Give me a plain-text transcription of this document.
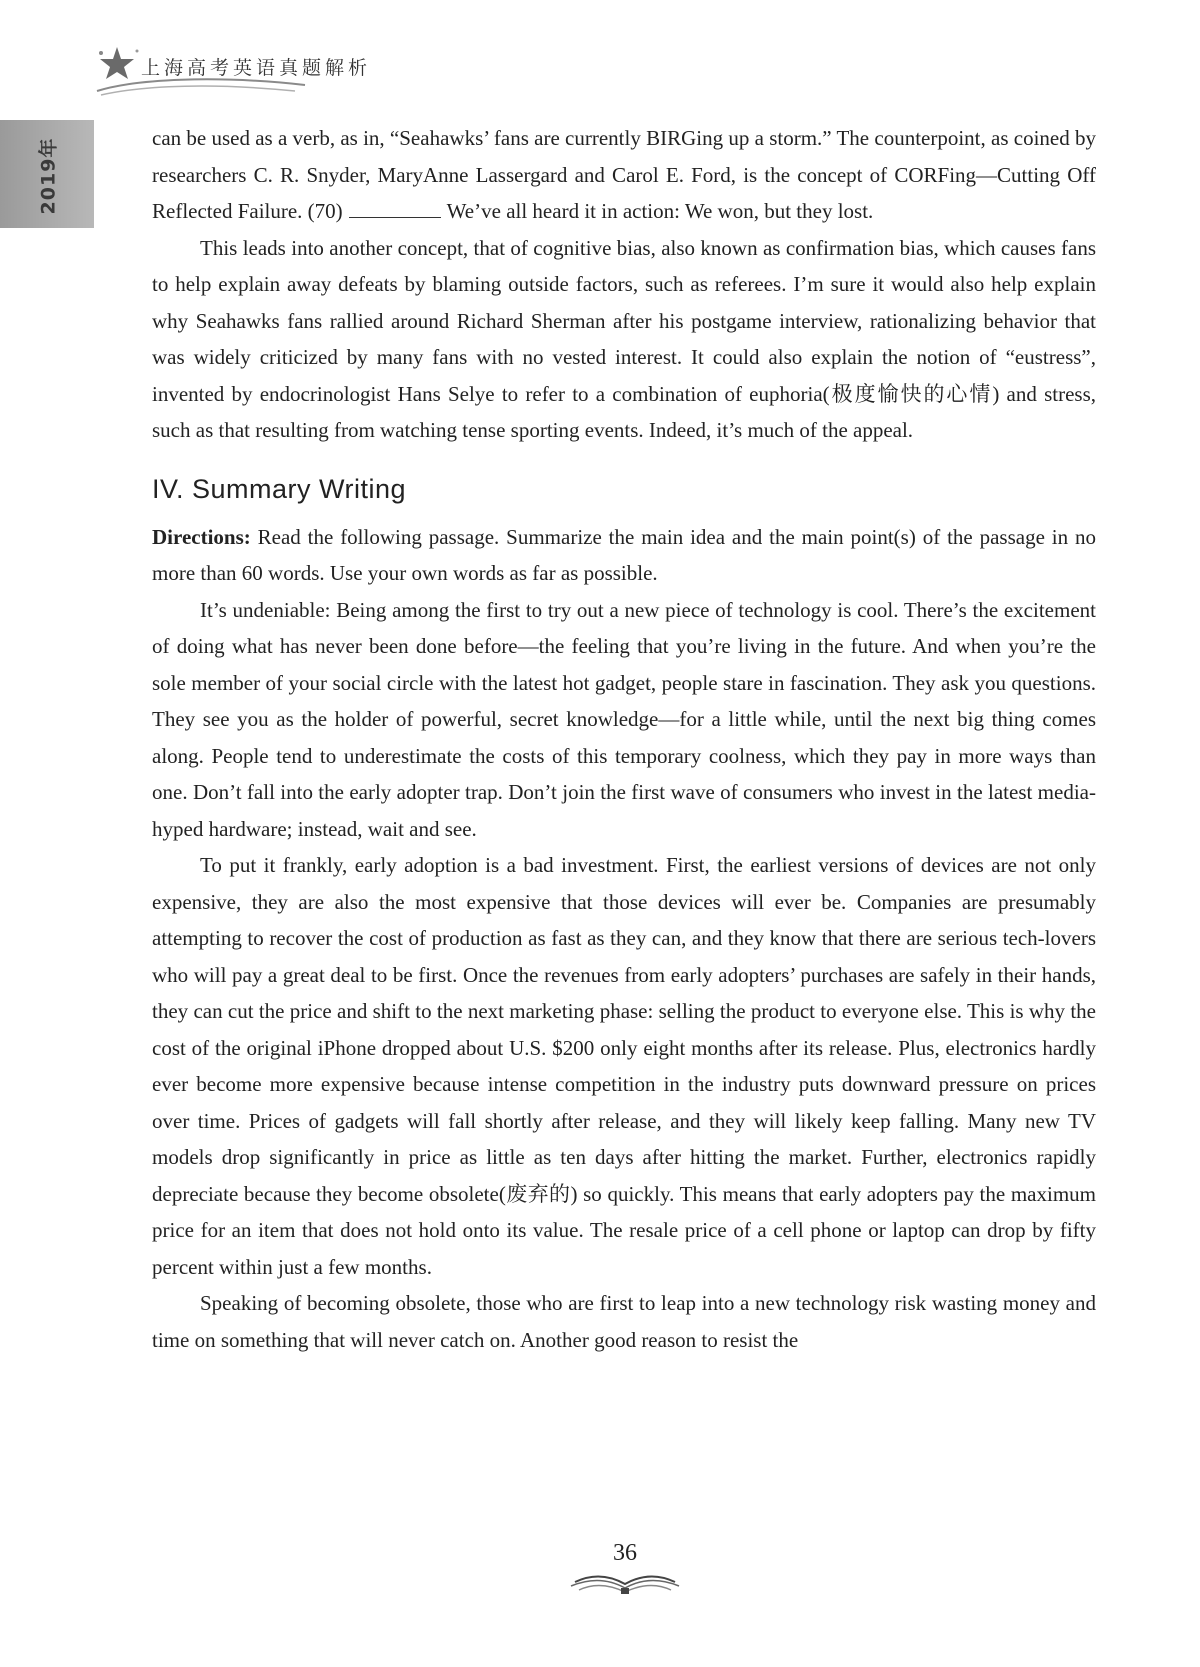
上海高考英语真题解析
2019年	can be used as a verb, as in, “Seahawks’ fans are currently BIRGing up a storm.” The counterpoint, as coined by researchers C. R. Snyder, MaryAnne Lassergard and Carol E. Ford, is the concept of CORFing—Cutting Off Reflected Failure. (70)	We’ve all heard it in action: We won, but they lost.

This leads into another concept, that of cognitive bias, also known as confirmation bias, which causes fans to help explain away defeats by blaming outside factors, such as referees. I’m sure it would also help explain why Seahawks fans rallied around Richard Sherman after his postgame interview, rationalizing behavior that was widely criticized by many fans with no vested interest. It could also explain the notion of “eustress”, invented by endocrinologist Hans Selye to refer to a combination of euphoria(极度愉快的心情) and stress, such as that resulting from watching tense sporting events. Indeed, it’s much of the appeal.

IV. Summary Writing

Directions: Read the following passage. Summarize the main idea and the main point(s) of the passage in no more than 60 words. Use your own words as far as possible.

It’s undeniable: Being among the first to try out a new piece of technology is cool. There’s the excitement of doing what has never been done before—the feeling that you’re living in the future. And when you’re the sole member of your social circle with the latest hot gadget, people stare in fascination. They ask you questions. They see you as the holder of powerful, secret knowledge—for a little while, until the next big thing comes along. People tend to underestimate the costs of this temporary coolness, which they pay in more ways than one. Don’t fall into the early adopter trap. Don’t join the first wave of consumers who invest in the latest media-hyped hardware; instead, wait and see.

To put it frankly, early adoption is a bad investment. First, the earliest versions of devices are not only expensive, they are also the most expensive that those devices will ever be. Companies are presumably attempting to recover the cost of production as fast as they can, and they know that there are serious tech-lovers who will pay a great deal to be first. Once the revenues from early adopters’ purchases are safely in their hands, they can cut the price and shift to the next marketing phase: selling the product to everyone else. This is why the cost of the original iPhone dropped about U.S. $200 only eight months after its release. Plus, electronics hardly ever become more expensive because intense competition in the industry puts downward pressure on prices over time. Prices of gadgets will fall shortly after release, and they will likely keep falling. Many new TV models drop significantly in price as little as ten days after hitting the market. Further, electronics rapidly depreciate because they become obsolete(废弃的) so quickly. This means that early adopters pay the maximum price for an item that does not hold onto its value. The resale price of a cell phone or laptop can drop by fifty percent within just a few months.

Speaking of becoming obsolete, those who are first to leap into a new technology risk wasting money and time on something that will never catch on. Another good reason to resist the

36
